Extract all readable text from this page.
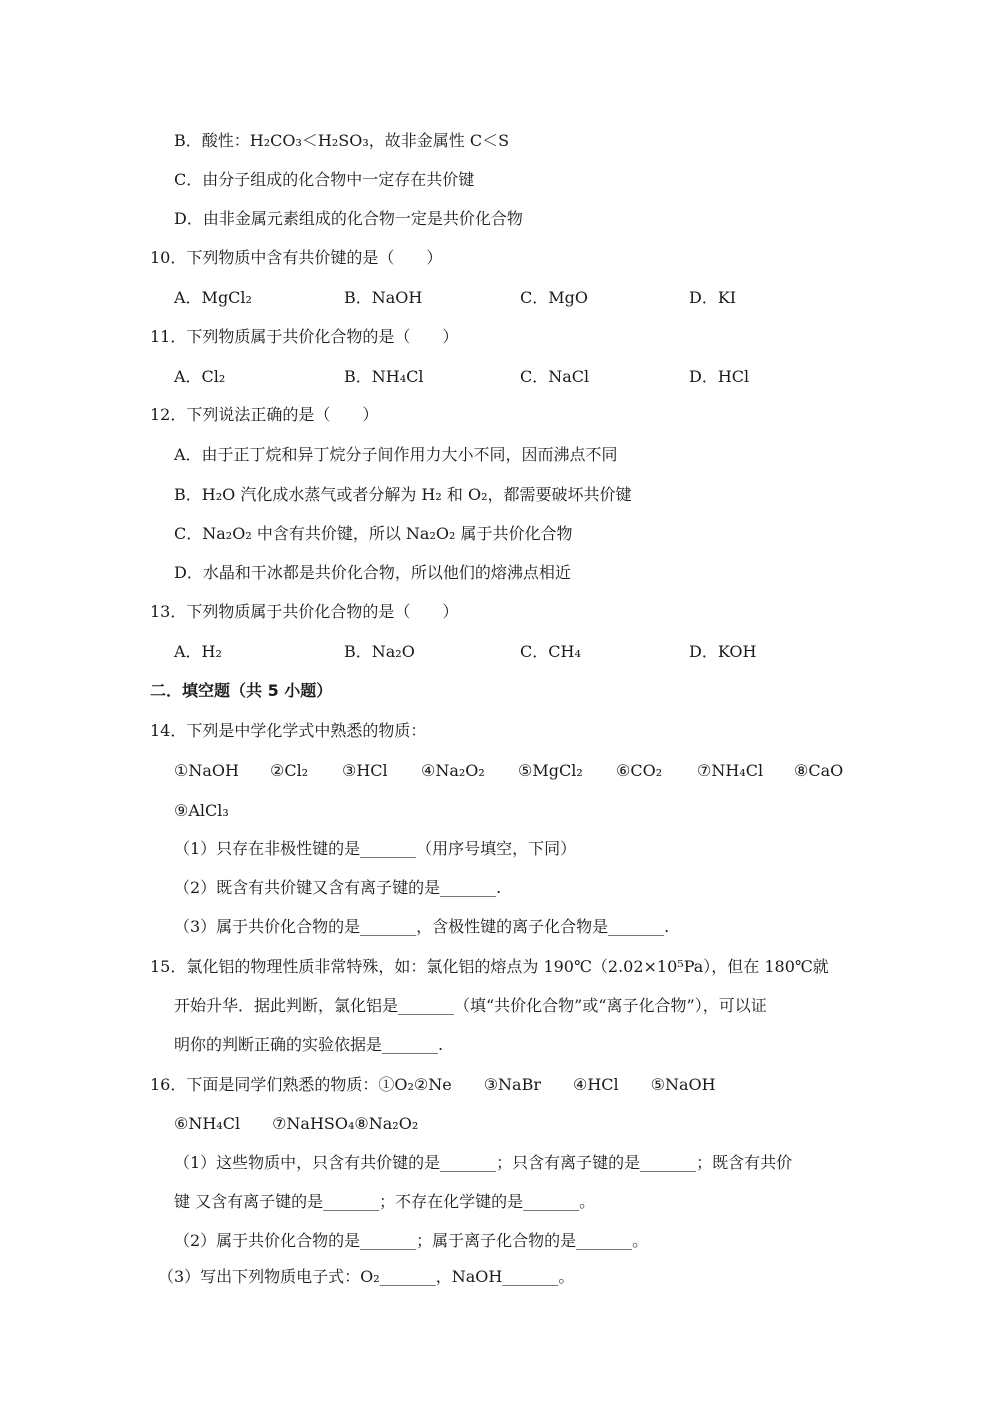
B．酸性：H₂CO₃＜H₂SO₃，故非金属性 C＜S
C．由分子组成的化合物中一定存在共价键
D．由非金属元素组成的化合物一定是共价化合物
10．下列物质中含有共价键的是（　　）
A．MgCl₂	B．NaOH	C．MgO	D．KI
11．下列物质属于共价化合物的是（　　）
A．Cl₂	B．NH₄Cl	C．NaCl	D．HCl
12．下列说法正确的是（　　）
A．由于正丁烷和异丁烷分子间作用力大小不同，因而沸点不同
B．H₂O 汽化成水蒸气或者分解为 H₂ 和 O₂，都需要破坏共价键
C．Na₂O₂ 中含有共价键，所以 Na₂O₂ 属于共价化合物
D．水晶和干冰都是共价化合物，所以他们的熔沸点相近
13．下列物质属于共价化合物的是（　　）
A．H₂	B．Na₂O	C．CH₄	D．KOH
二．填空题（共 5 小题）
14．下列是中学化学式中熟悉的物质：
①NaOH ②Cl₂ ③HCl ④Na₂O₂ ⑤MgCl₂ ⑥CO₂ ⑦NH₄Cl ⑧CaO
⑨AlCl₃
（1）只存在非极性键的是_______（用序号填空，下同）
（2）既含有共价键又含有离子键的是_______.
（3）属于共价化合物的是_______，含极性键的离子化合物是_______.
15．氯化铝的物理性质非常特殊，如：氯化铝的熔点为 190℃（2.02×10⁵Pa），但在 180℃就
开始升华．据此判断，氯化铝是_______（填“共价化合物”或“离子化合物”），可以证
明你的判断正确的实验依据是_______.
16．下面是同学们熟悉的物质：①O₂②Ne　　③NaBr　　④HCl　　⑤NaOH
⑥NH₄Cl　　⑦NaHSO₄⑧Na₂O₂
（1）这些物质中，只含有共价键的是_______；只含有离子键的是_______；既含有共价
键 又含有离子键的是_______；不存在化学键的是_______。
（2）属于共价化合物的是_______；属于离子化合物的是_______。
（3）写出下列物质电子式：O₂_______，NaOH_______。
